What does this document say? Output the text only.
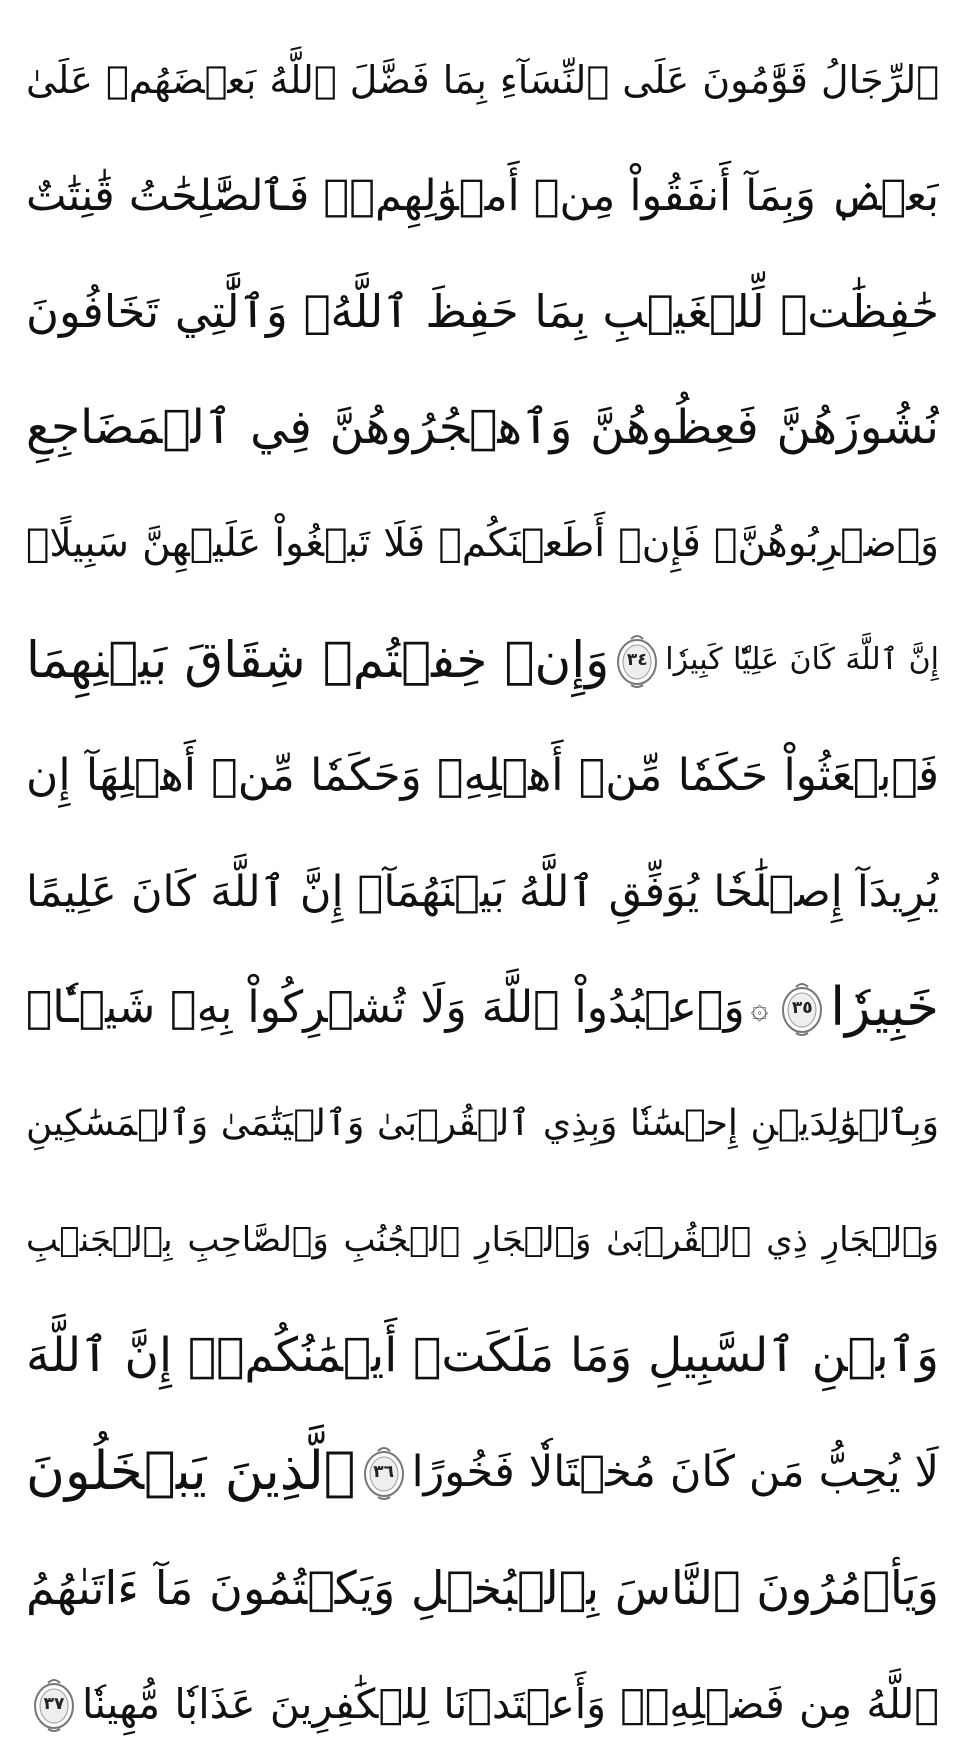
ٱلرِّجَالُ قَوَّٰمُونَ عَلَى ٱلنِّسَآءِ بِمَا فَضَّلَ ٱللَّهُ بَعۡضَهُمۡ عَلَىٰ
بَعۡضٖ وَبِمَآ أَنفَقُواْ مِنۡ أَمۡوَٰلِهِمۡۚ فَٱلصَّٰلِحَٰتُ قَٰنِتَٰتٌ
حَٰفِظَٰتٞ لِّلۡغَيۡبِ بِمَا حَفِظَ ٱللَّهُۚ وَٱلَّٰتِي تَخَافُونَ
نُشُوزَهُنَّ فَعِظُوهُنَّ وَٱهۡجُرُوهُنَّ فِي ٱلۡمَضَاجِعِ
وَٱضۡرِبُوهُنَّۖ فَإِنۡ أَطَعۡنَكُمۡ فَلَا تَبۡغُواْ عَلَيۡهِنَّ سَبِيلًاۗ
إِنَّ ٱللَّهَ كَانَ عَلِيّٗا كَبِيرٗا
٣٤
وَإِنۡ خِفۡتُمۡ شِقَاقَ بَيۡنِهِمَا
فَٱبۡعَثُواْ حَكَمٗا مِّنۡ أَهۡلِهِۦ وَحَكَمٗا مِّنۡ أَهۡلِهَآ إِن
يُرِيدَآ إِصۡلَٰحٗا يُوَفِّقِ ٱللَّهُ بَيۡنَهُمَآۗ إِنَّ ٱللَّهَ كَانَ عَلِيمًا
خَبِيرٗا
٣٥
۞
وَٱعۡبُدُواْ ٱللَّهَ وَلَا تُشۡرِكُواْ بِهِۦ شَيۡـٔٗاۖ
وَبِٱلۡوَٰلِدَيۡنِ إِحۡسَٰنٗا وَبِذِي ٱلۡقُرۡبَىٰ وَٱلۡيَتَٰمَىٰ وَٱلۡمَسَٰكِينِ
وَٱلۡجَارِ ذِي ٱلۡقُرۡبَىٰ وَٱلۡجَارِ ٱلۡجُنُبِ وَٱلصَّاحِبِ بِٱلۡجَنۢبِ
وَٱبۡنِ ٱلسَّبِيلِ وَمَا مَلَكَتۡ أَيۡمَٰنُكُمۡۗ إِنَّ ٱللَّهَ
لَا يُحِبُّ مَن كَانَ مُخۡتَالٗا فَخُورًا
٣٦
ٱلَّذِينَ يَبۡخَلُونَ
وَيَأۡمُرُونَ ٱلنَّاسَ بِٱلۡبُخۡلِ وَيَكۡتُمُونَ مَآ ءَاتَىٰهُمُ
ٱللَّهُ مِن فَضۡلِهِۦۗ وَأَعۡتَدۡنَا لِلۡكَٰفِرِينَ عَذَابٗا مُّهِينٗا
٣٧
